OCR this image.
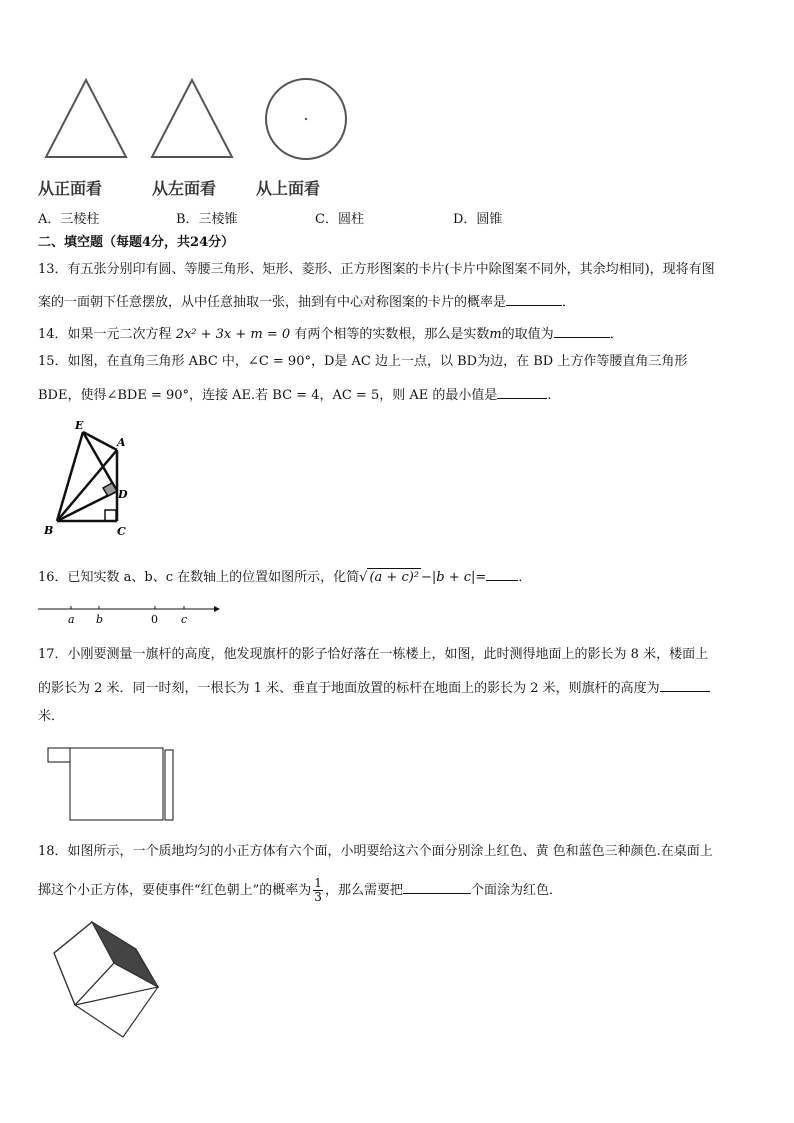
从正面看	从左面看 从上面看
A．三棱柱	B．三棱锥	C．圆柱	D．圆锥
二、填空题（每题4分，共24分）
13．有五张分别印有圆、等腰三角形、矩形、菱形、正方形图案的卡片(卡片中除图案不同外，其余均相同)，现将有图
案的一面朝下任意摆放，从中任意抽取一张，抽到有中心对称图案的卡片的概率是	．
14．如果一元二次方程 2x² + 3x + m = 0 有两个相等的实数根，那么是实数m的取值为	．
15．如图，在直角三角形 ABC 中，∠C = 90°，D是 AC 边上一点，以 BD为边，在 BD 上方作等腰直角三角形
BDE，使得∠BDE = 90°，连接 AE.若 BC = 4，AC = 5，则 AE 的最小值是	.
E
A
D
B	C
16．已知实数 a、b、c 在数轴上的位置如图所示，化简√ (a + c)² −|b + c|= ．
a b	0 c
17．小刚要测量一旗杆的高度，他发现旗杆的影子恰好落在一栋楼上，如图，此时测得地面上的影长为 8 米，楼面上
的影长为 2 米．同一时刻，一根长为 1 米、垂直于地面放置的标杆在地面上的影长为 2 米，则旗杆的高度为
米．
18．如图所示，一个质地均匀的小正方体有六个面，小明要给这六个面分别涂上红色、黄 色和蓝色三种颜色.在桌面上
掷这个小正方体，要使事件“红色朝上”的概率为 $\frac{1}{3}$ ，那么需要把	个面涂为红色．
